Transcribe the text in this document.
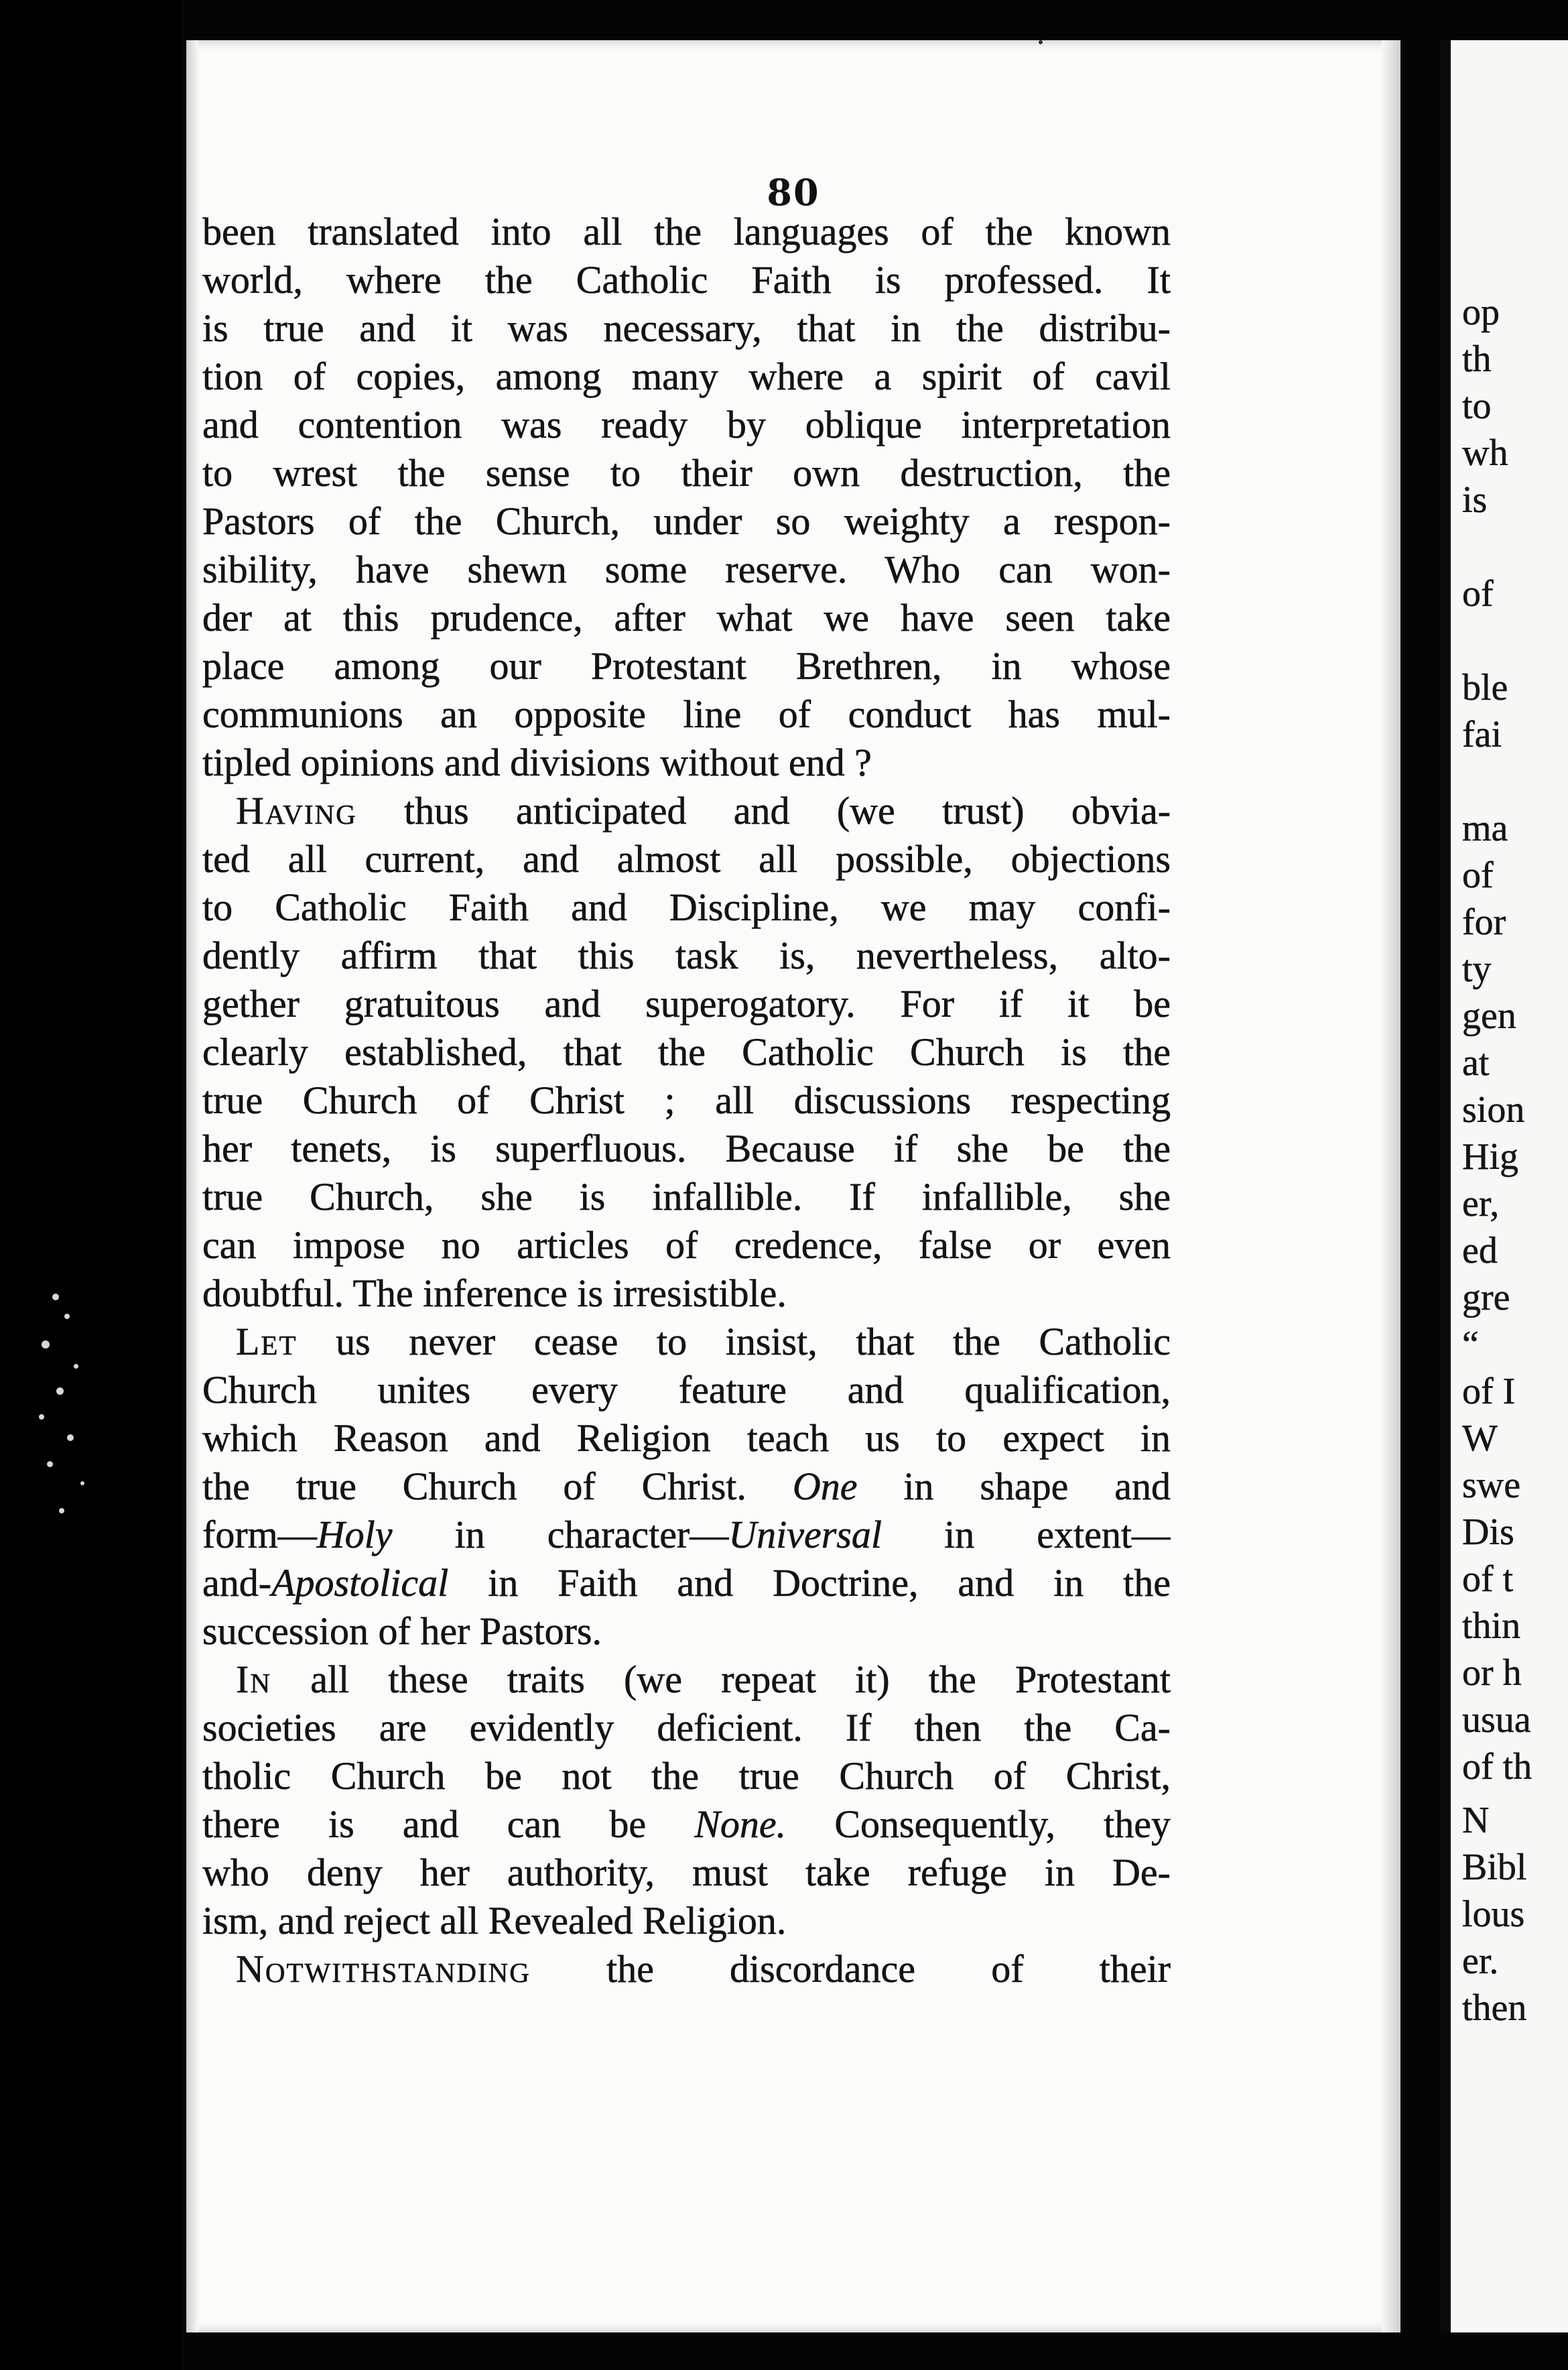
80
been translated into all the languages of the known
world, where the Catholic Faith is professed. It
is true and it was necessary, that in the distribu-
tion of copies, among many where a spirit of cavil
and contention was ready by oblique interpretation
to wrest the sense to their own destruction, the
Pastors of the Church, under so weighty a respon-
sibility, have shewn some reserve. Who can won-
der at this prudence, after what we have seen take
place among our Protestant Brethren, in whose
communions an opposite line of conduct has mul-
tipled opinions and divisions without end ?
Having thus anticipated and (we trust) obvia-
ted all current, and almost all possible, objections
to Catholic Faith and Discipline, we may confi-
dently affirm that this task is, nevertheless, alto-
gether gratuitous and superogatory. For if it be
clearly established, that the Catholic Church is the
true Church of Christ ; all discussions respecting
her tenets, is superfluous. Because if she be the
true Church, she is infallible. If infallible, she
can impose no articles of credence, false or even
doubtful. The inference is irresistible.
Let us never cease to insist, that the Catholic
Church unites every feature and qualification,
which Reason and Religion teach us to expect in
the true Church of Christ. One in shape and
form—Holy in character—Universal in extent—
and-Apostolical in Faith and Doctrine, and in the
succession of her Pastors.
In all these traits (we repeat it) the Protestant
societies are evidently deficient. If then the Ca-
tholic Church be not the true Church of Christ,
there is and can be None. Consequently, they
who deny her authority, must take refuge in De-
ism, and reject all Revealed Religion.
Notwithstanding the discordance of their
op
th
to
wh
is
of
ble
fai
ma
of
for
ty
gen
at
sion
Hig
er,
ed
gre
“
of I
W
swe
Dis
of t
thin
or h
usua
of th
N
Bibl
lous
er.
then
